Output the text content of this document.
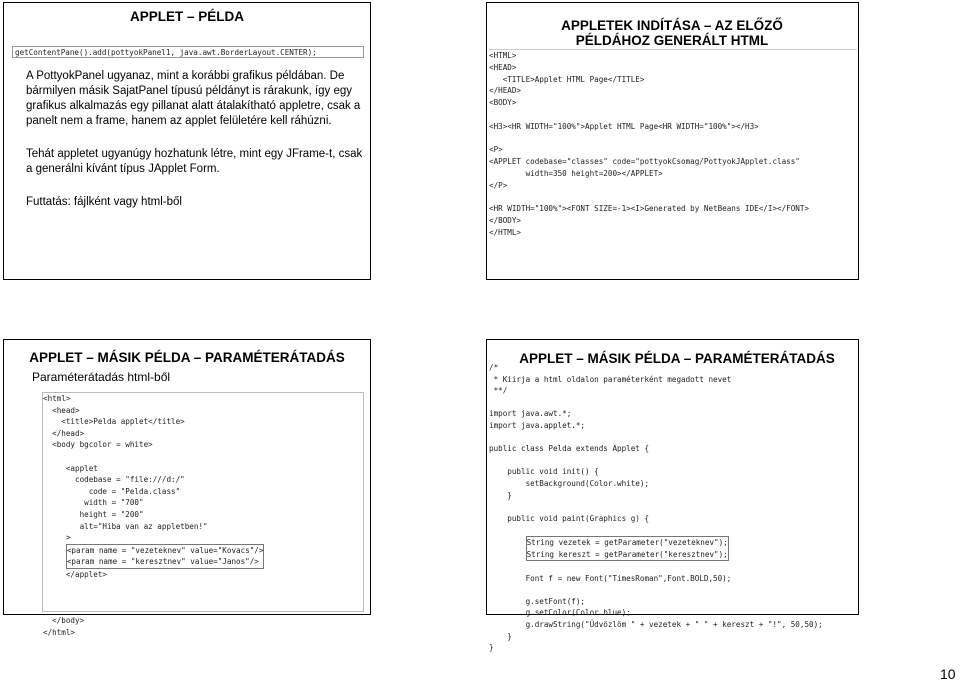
APPLET – PÉLDA
getContentPane().add(pottyokPanel1, java.awt.BorderLayout.CENTER);

A PottyokPanel ugyanaz, mint a korábbi grafikus példában. De bármilyen másik SajatPanel típusú példányt is rárakunk, így egy grafikus alkalmazás egy pillanat alatt átalakítható appletre, csak a panelt nem a frame, hanem az applet felületére kell ráhúzni.

Tehát appletet ugyanúgy hozhatunk létre, mint egy JFrame-t, csak a generálni kívánt típus JApplet Form.

Futtatás: fájlként vagy html-ből

APPLETEK INDÍTÁSA – AZ ELŐZŐ PÉLDÁHOZ GENERÁLT HTML
<HTML>
<HEAD>
<TITLE>Applet HTML Page</TITLE>
</HEAD>
<BODY>

<H3><HR WIDTH="100%">Applet HTML Page<HR WIDTH="100%"></H3>

<P>
<APPLET codebase="classes" code="pottyokCsomag/PottyokJApplet.class"
width=350 height=200></APPLET>
</P>

<HR WIDTH="100%"><FONT SIZE=-1><I>Generated by NetBeans IDE</I></FONT>
</BODY>
</HTML>
APPLET – MÁSIK PÉLDA – PARAMÉTERÁTADÁS
Paraméterátadás html-ből
<html>
<head>
<title>Pelda applet</title>
</head>
<body bgcolor = white>

<applet
codebase = "file:///d:/"
code = "Pelda.class"
width = "700"
height = "200"
alt="Hiba van az appletben!"
>
<param name = "vezeteknev" value="Kovacs"/>
<param name = "keresztnev" value="Janos"/>
</applet>

</body>
</html>
APPLET – MÁSIK PÉLDA – PARAMÉTERÁTADÁS
/*
* Kiirja a html oldalon paraméterként megadott nevet
**/

import java.awt.*;
import java.applet.*;

public class Pelda extends Applet {

public void init() {
setBackground(Color.white);
}

public void paint(Graphics g) {

String vezetek = getParameter("vezeteknev");
String kereszt = getParameter("keresztnev");

Font f = new Font("TimesRoman",Font.BOLD,50);

g.setFont(f);
g.setColor(Color.blue);
g.drawString("Üdvözlöm " + vezetek + " " + kereszt + "!", 50,50);
}
}
10
